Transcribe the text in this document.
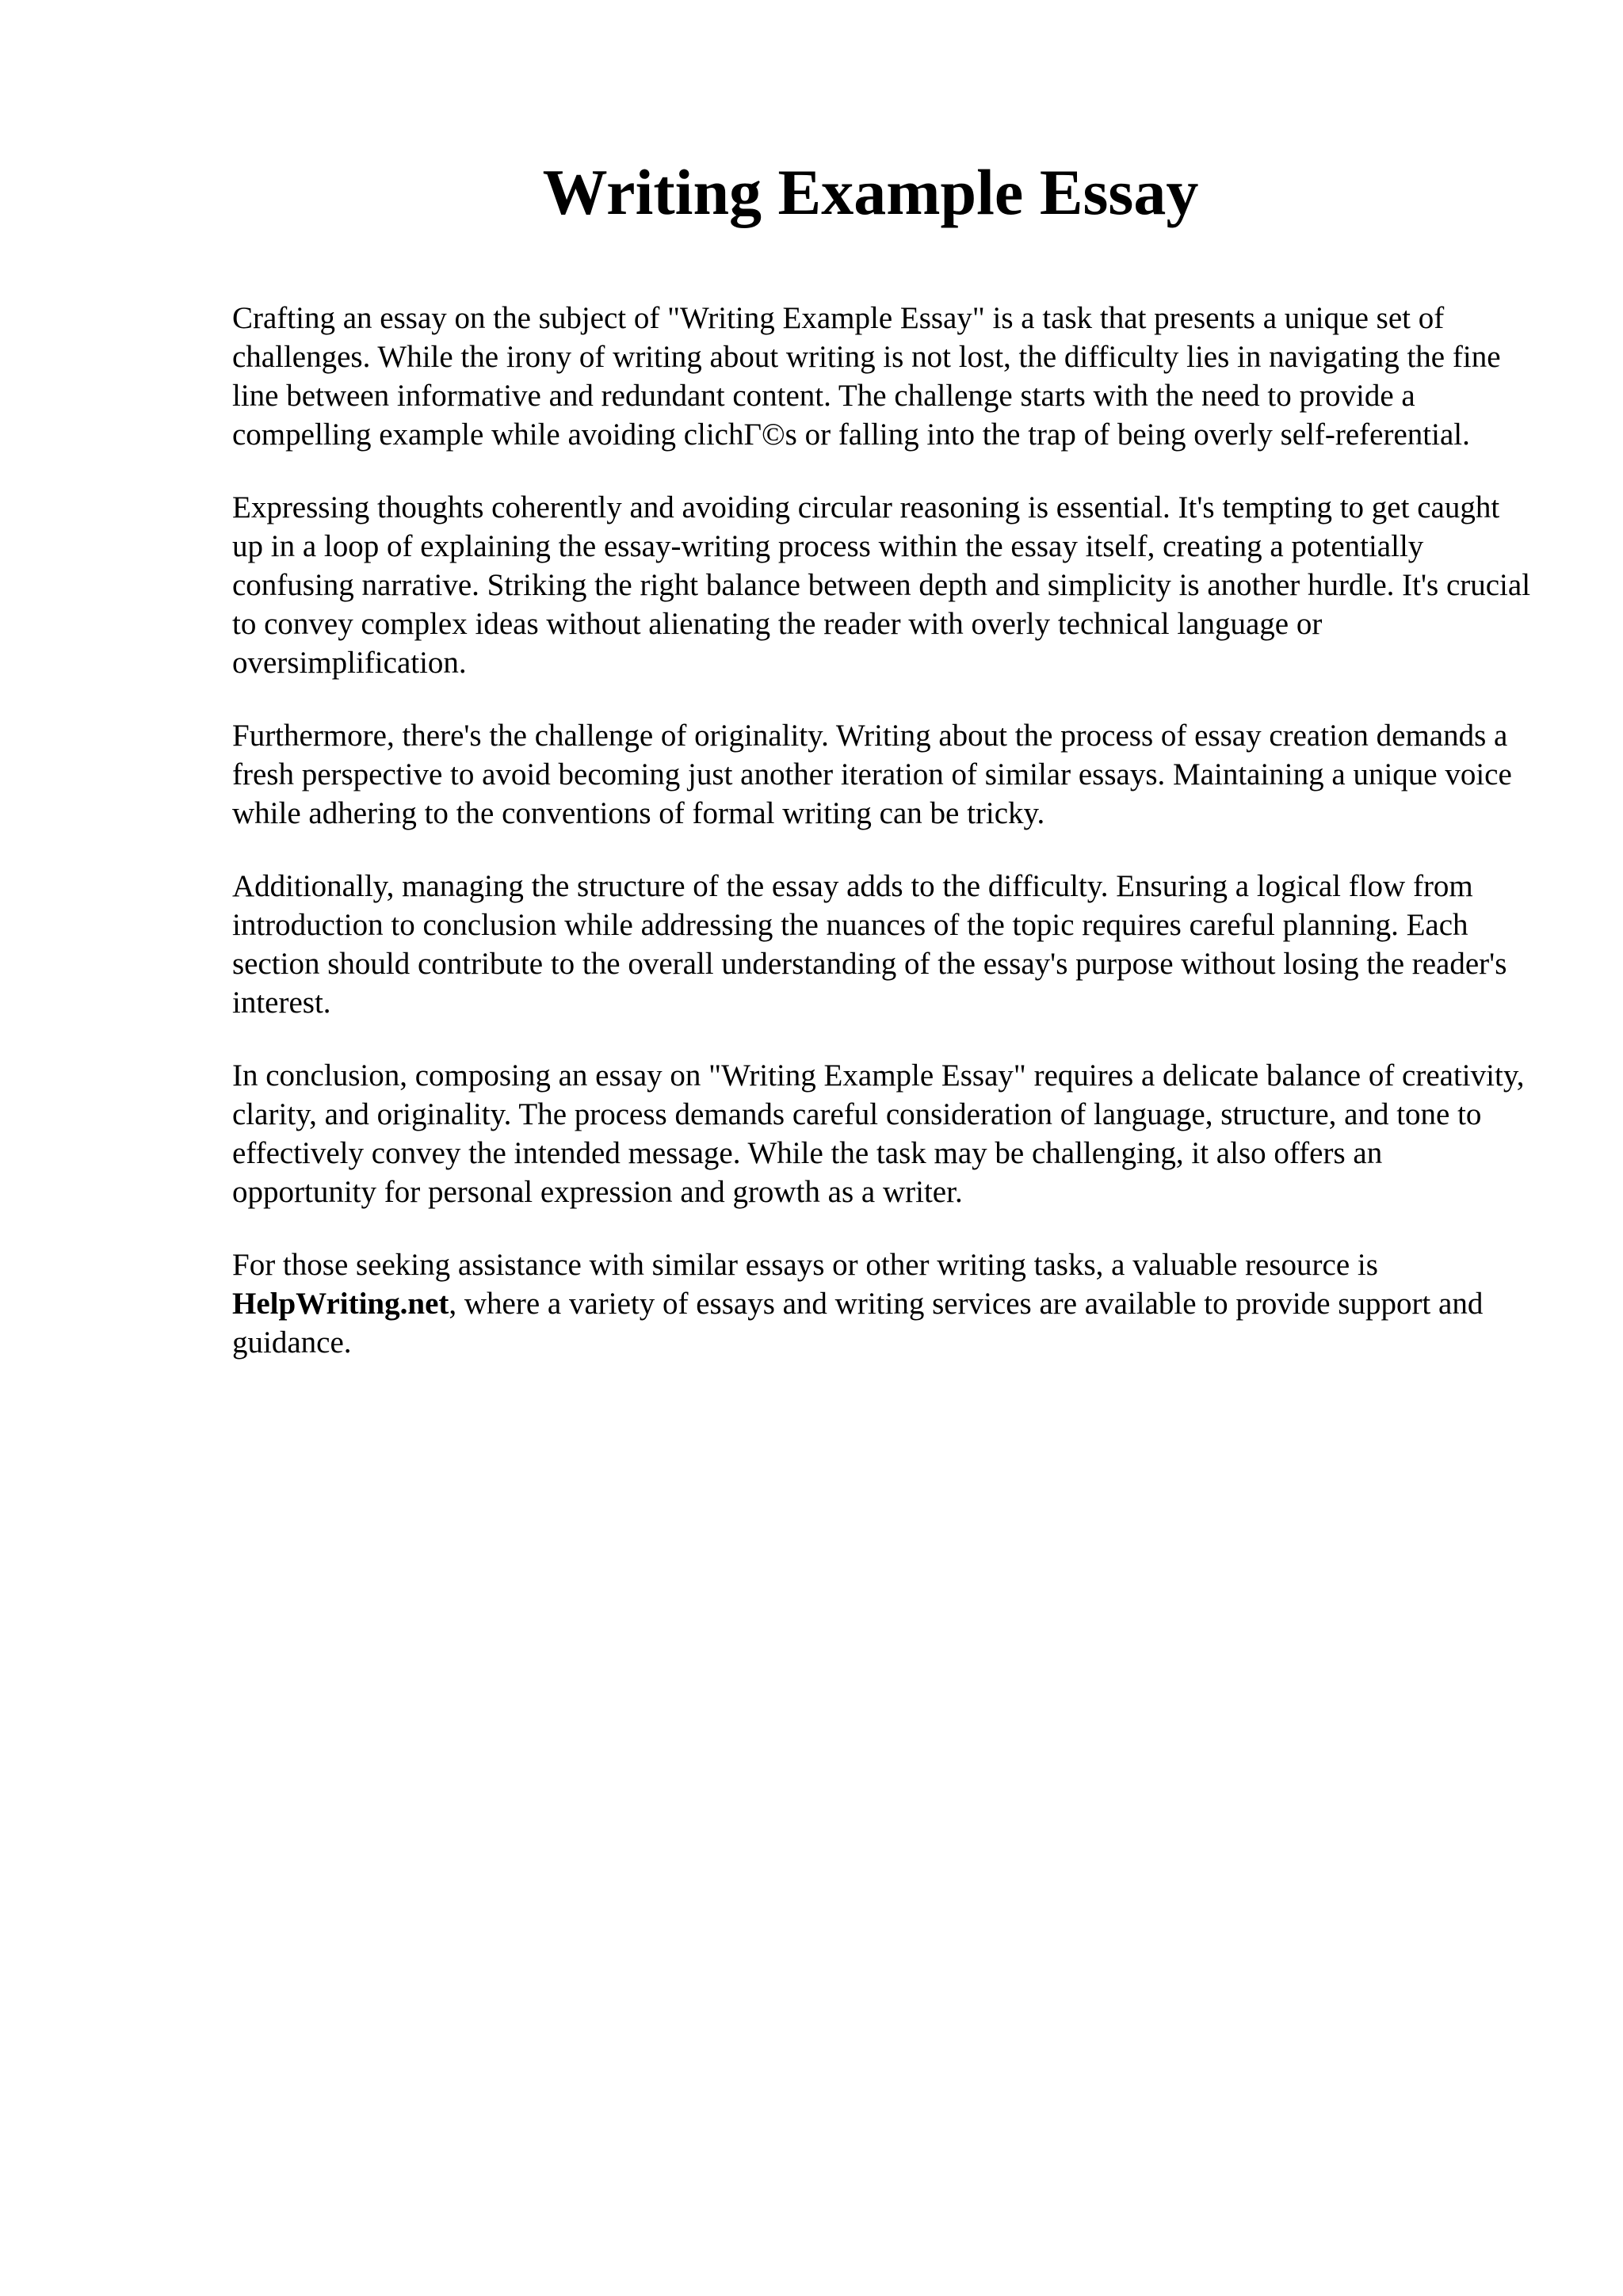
Writing Example Essay

Crafting an essay on the subject of "Writing Example Essay" is a task that presents a unique set of challenges. While the irony of writing about writing is not lost, the difficulty lies in navigating the fine line between informative and redundant content. The challenge starts with the need to provide a compelling example while avoiding clichΓ©s or falling into the trap of being overly self-referential.

Expressing thoughts coherently and avoiding circular reasoning is essential. It's tempting to get caught up in a loop of explaining the essay-writing process within the essay itself, creating a potentially confusing narrative. Striking the right balance between depth and simplicity is another hurdle. It's crucial to convey complex ideas without alienating the reader with overly technical language or oversimplification.

Furthermore, there's the challenge of originality. Writing about the process of essay creation demands a fresh perspective to avoid becoming just another iteration of similar essays. Maintaining a unique voice while adhering to the conventions of formal writing can be tricky.

Additionally, managing the structure of the essay adds to the difficulty. Ensuring a logical flow from introduction to conclusion while addressing the nuances of the topic requires careful planning. Each section should contribute to the overall understanding of the essay's purpose without losing the reader's interest.

In conclusion, composing an essay on "Writing Example Essay" requires a delicate balance of creativity, clarity, and originality. The process demands careful consideration of language, structure, and tone to effectively convey the intended message. While the task may be challenging, it also offers an opportunity for personal expression and growth as a writer.

For those seeking assistance with similar essays or other writing tasks, a valuable resource is HelpWriting.net, where a variety of essays and writing services are available to provide support and guidance.
